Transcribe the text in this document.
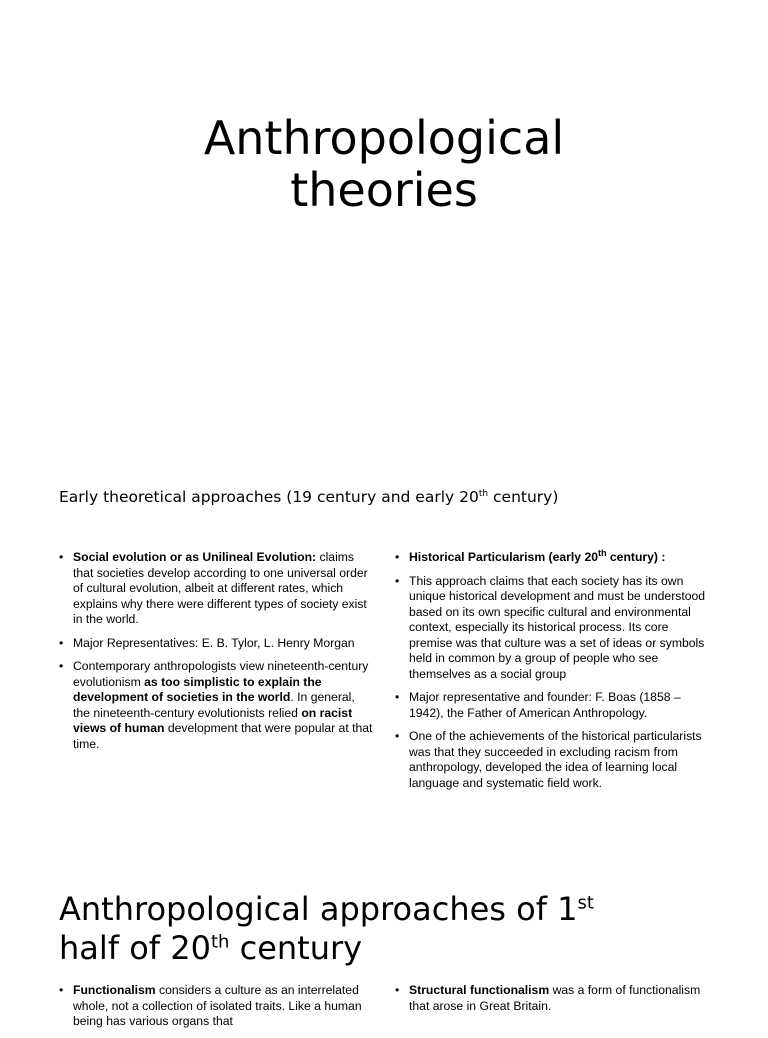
Anthropological
theories

Early theoretical approaches (19 century and early 20th century)

• Social evolution or as Unilineal Evolution: claims that societies develop according to one universal order of cultural evolution, albeit at different rates, which explains why there were different types of society exist in the world.
• Major Representatives: E. B. Tylor, L. Henry Morgan
• Contemporary anthropologists view nineteenth-century evolutionism as too simplistic to explain the development of societies in the world. In general, the nineteenth-century evolutionists relied on racist views of human development that were popular at that time.
• Historical Particularism (early 20th century) :
• This approach claims that each society has its own unique historical development and must be understood based on its own specific cultural and environmental context, especially its historical process. Its core premise was that culture was a set of ideas or symbols held in common by a group of people who see themselves as a social group
• Major representative and founder: F. Boas (1858 – 1942), the Father of American Anthropology.
• One of the achievements of the historical particularists was that they succeeded in excluding racism from anthropology, developed the idea of learning local language and systematic field work.
Anthropological approaches of 1st
half of 20th century
• Functionalism considers a culture as an interrelated whole, not a collection of isolated traits. Like a human being has various organs that
• Structural functionalism was a form of functionalism that arose in Great Britain.
